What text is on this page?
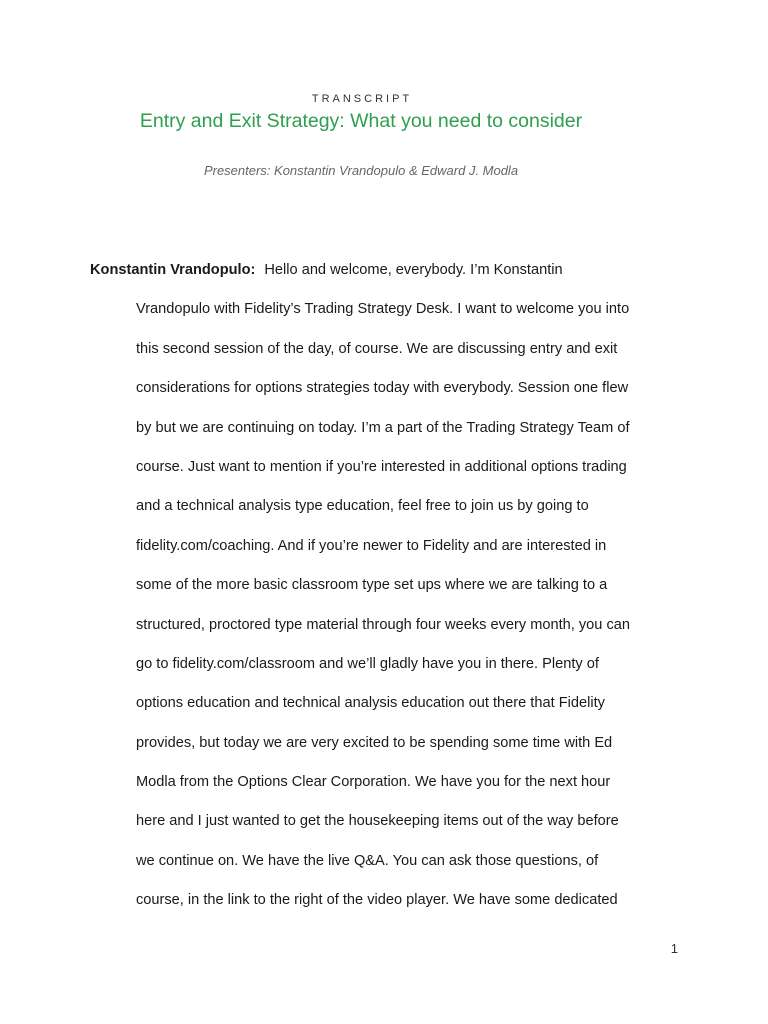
TRANSCRIPT
Entry and Exit Strategy: What you need to consider
Presenters: Konstantin Vrandopulo & Edward J. Modla
Konstantin Vrandopulo: Hello and welcome, everybody. I’m Konstantin
Vrandopulo with Fidelity’s Trading Strategy Desk. I want to welcome you into
this second session of the day, of course. We are discussing entry and exit
considerations for options strategies today with everybody. Session one flew
by but we are continuing on today. I’m a part of the Trading Strategy Team of
course. Just want to mention if you’re interested in additional options trading
and a technical analysis type education, feel free to join us by going to
fidelity.com/coaching. And if you’re newer to Fidelity and are interested in
some of the more basic classroom type set ups where we are talking to a
structured, proctored type material through four weeks every month, you can
go to fidelity.com/classroom and we’ll gladly have you in there. Plenty of
options education and technical analysis education out there that Fidelity
provides, but today we are very excited to be spending some time with Ed
Modla from the Options Clear Corporation. We have you for the next hour
here and I just wanted to get the housekeeping items out of the way before
we continue on. We have the live Q&A. You can ask those questions, of
course, in the link to the right of the video player. We have some dedicated
1
